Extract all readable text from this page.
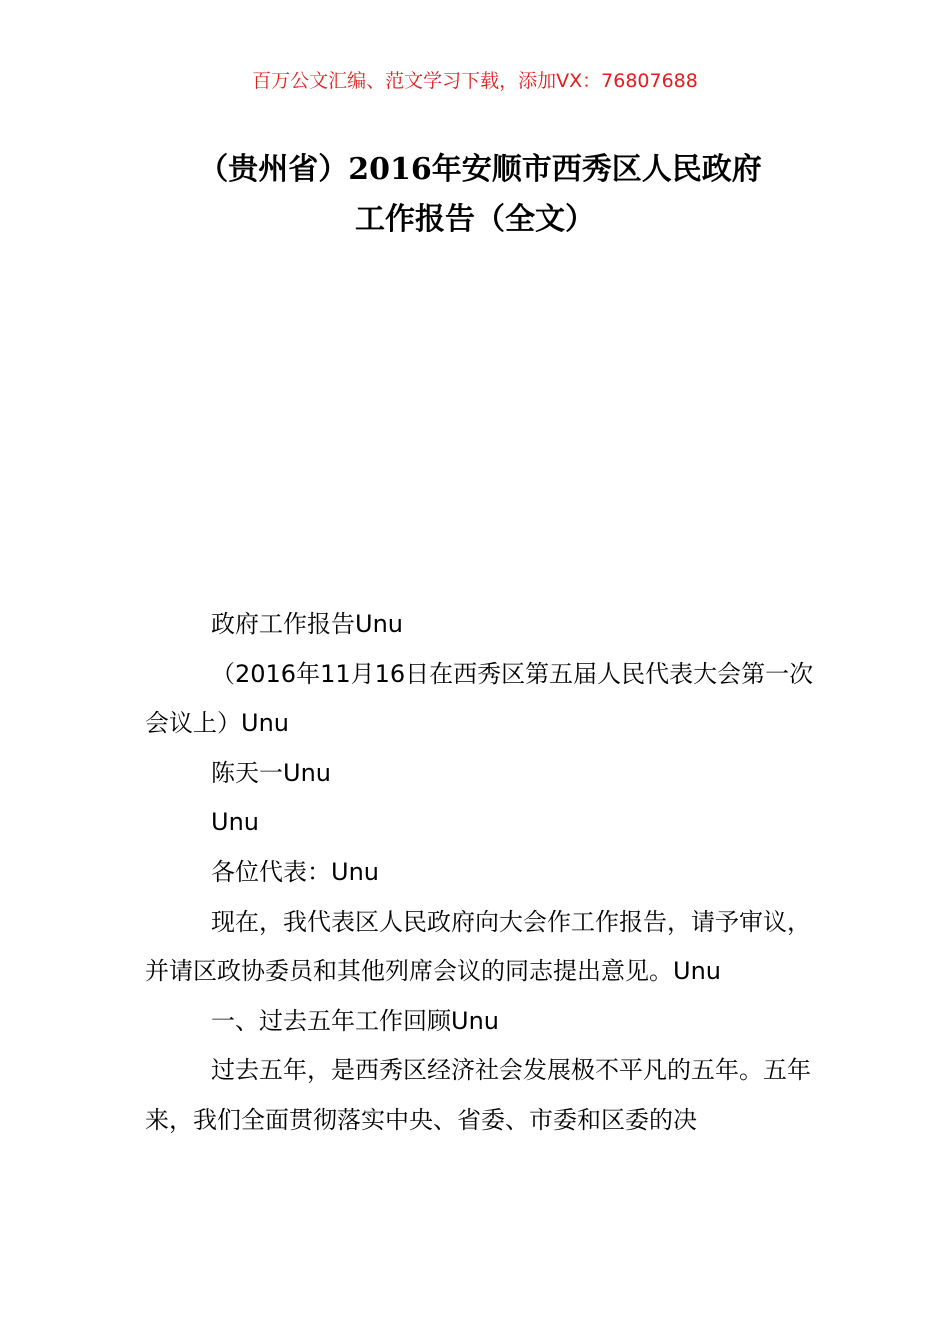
百万公文汇编、范文学习下载，添加VX：76807688
（贵州省）2016年安顺市西秀区人民政府
工作报告（全文）

政府工作报告Unu

（2016年11月16日在西秀区第五届人民代表大会第一次会议上）Unu

陈天一Unu

Unu

各位代表：Unu

现在，我代表区人民政府向大会作工作报告，请予审议，并请区政协委员和其他列席会议的同志提出意见。Unu

一、过去五年工作回顾Unu

过去五年，是西秀区经济社会发展极不平凡的五年。五年来，我们全面贯彻落实中央、省委、市委和区委的决
